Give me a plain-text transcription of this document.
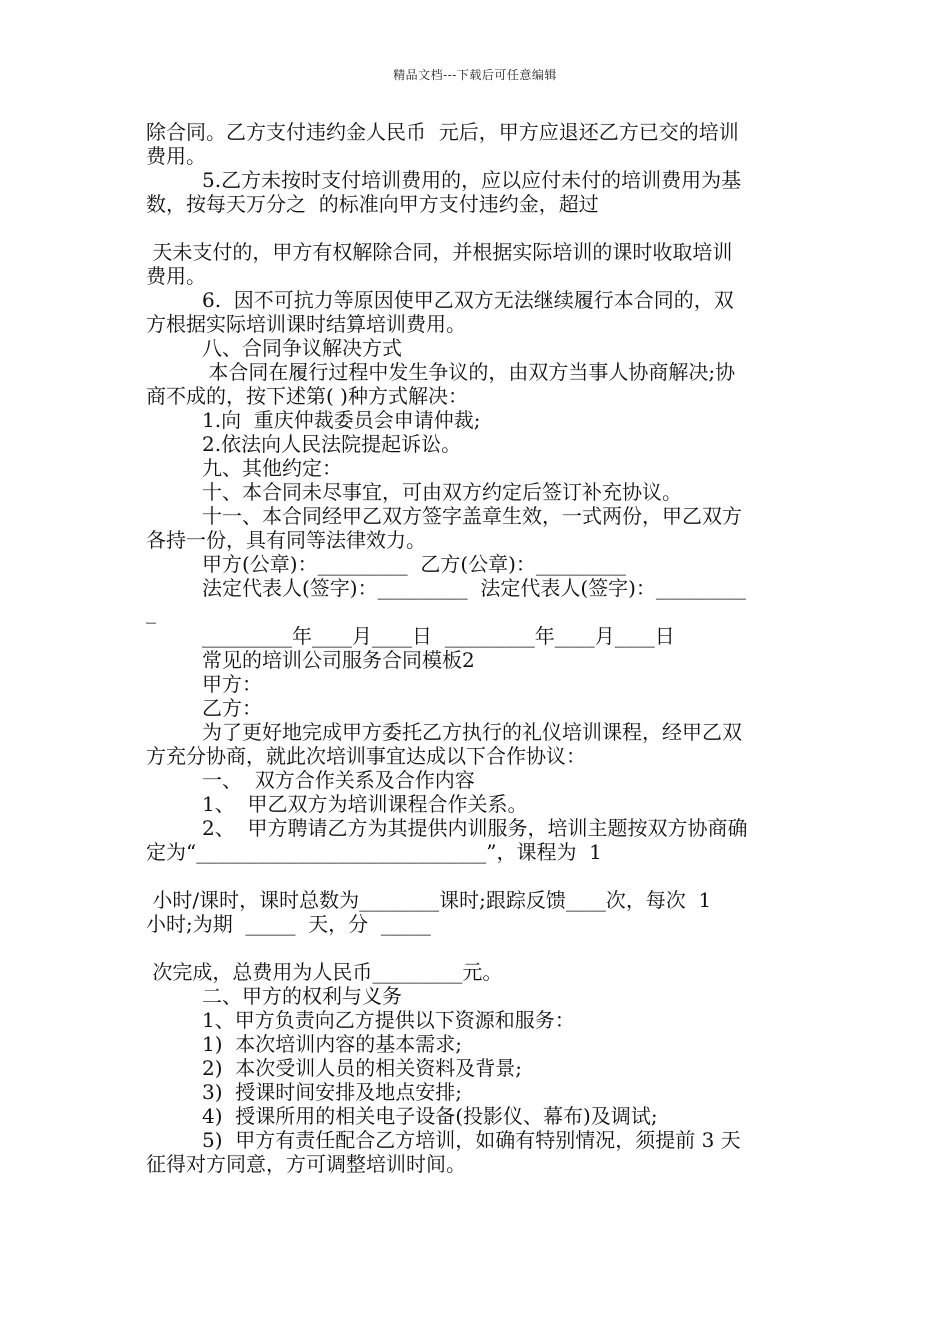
精品文档---下载后可任意编辑
除合同。乙方支付违约金人民币  元后，甲方应退还乙方已交的培训
费用。
5.乙方未按时支付培训费用的，应以应付未付的培训费用为基
数，按每天万分之  的标准向甲方支付违约金，超过
天未支付的，甲方有权解除合同，并根据实际培训的课时收取培训
费用。
6.  因不可抗力等原因使甲乙双方无法继续履行本合同的，双
方根据实际培训课时结算培训费用。
八、合同争议解决方式
本合同在履行过程中发生争议的，由双方当事人协商解决;协
商不成的，按下述第( )种方式解决：
1.向  重庆仲裁委员会申请仲裁;
2.依法向人民法院提起诉讼。
九、其他约定：
十、本合同未尽事宜，可由双方约定后签订补充协议。
十一、本合同经甲乙双方签字盖章生效，一式两份，甲乙双方
各持一份，具有同等法律效力。
甲方(公章)：_________  乙方(公章)：_________
法定代表人(签字)：_________  法定代表人(签字)：_________
_
_________年____月____日  _________年____月____日
常见的培训公司服务合同模板2
甲方：
乙方：
为了更好地完成甲方委托乙方执行的礼仪培训课程，经甲乙双
方充分协商，就此次培训事宜达成以下合作协议：
一、  双方合作关系及合作内容
1、  甲乙双方为培训课程合作关系。
2、  甲方聘请乙方为其提供内训服务，培训主题按双方协商确
定为“_____________________________”，课程为  1
小时/课时，课时总数为________课时;跟踪反馈____次，每次  1
小时;为期  _____  天，分  _____
次完成，总费用为人民币_________元。
二、甲方的权利与义务
1、甲方负责向乙方提供以下资源和服务：
1)  本次培训内容的基本需求;
2)  本次受训人员的相关资料及背景;
3)  授课时间安排及地点安排;
4)  授课所用的相关电子设备(投影仪、幕布)及调试;
5)  甲方有责任配合乙方培训，如确有特别情况，须提前 3 天
征得对方同意，方可调整培训时间。
